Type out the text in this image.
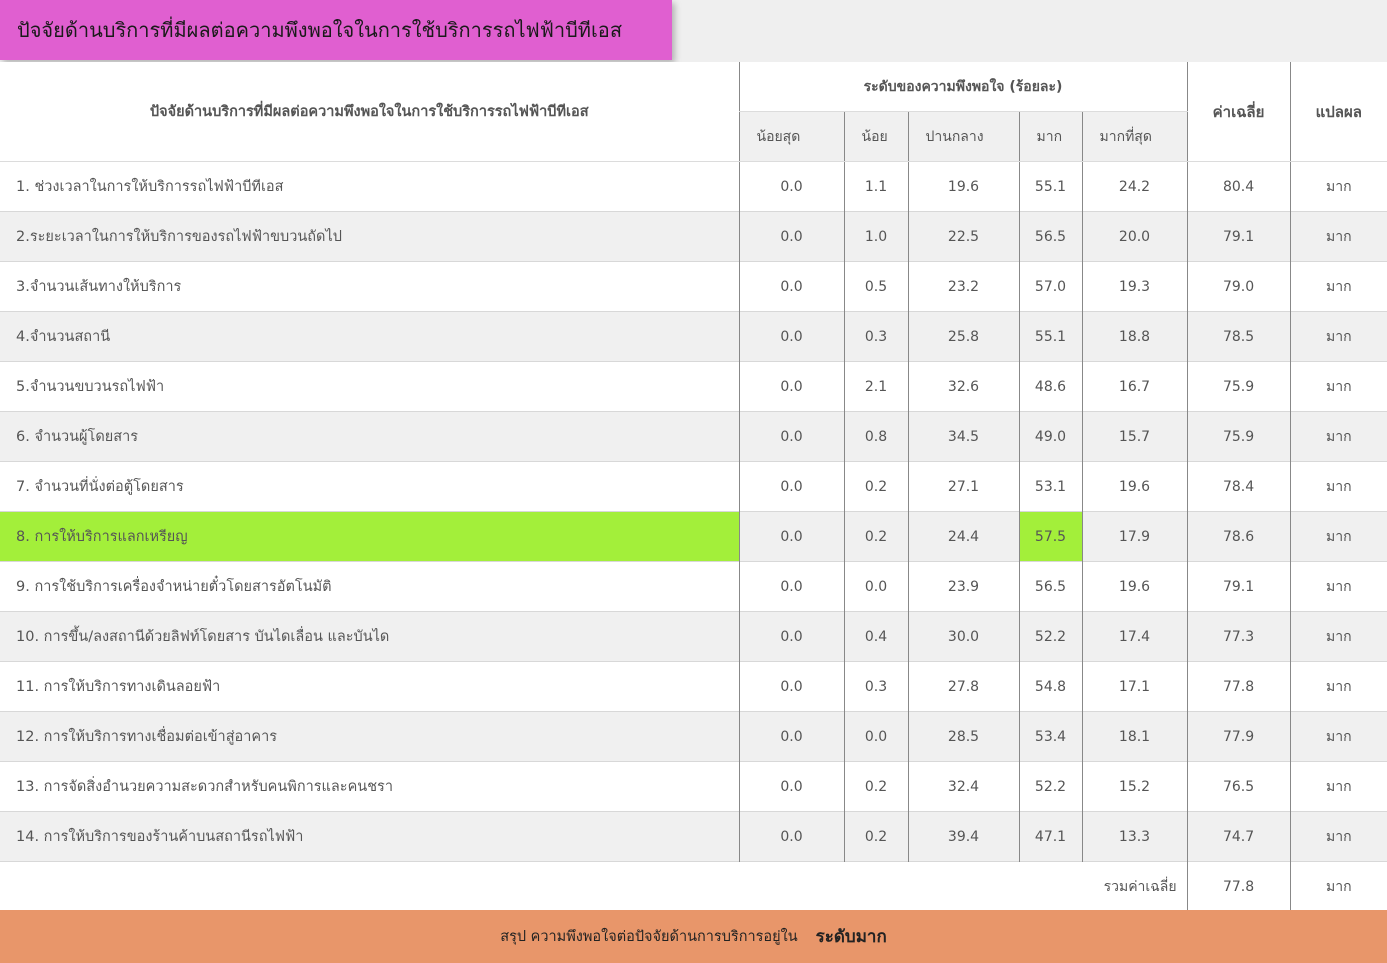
ปัจจัยด้านบริการที่มีผลต่อความพึงพอใจในการใช้บริการรถไฟฟ้าบีทีเอส
ปัจจัยด้านบริการที่มีผลต่อความพึงพอใจในการใช้บริการรถไฟฟ้าบีทีเอส	ระดับของความพึงพอใจ (ร้อยละ)					ค่าเฉลี่ย	แปลผล
	น้อยสุด	น้อย	ปานกลาง	มาก	มากที่สุด		
1. ช่วงเวลาในการให้บริการรถไฟฟ้าบีทีเอส	0.0	1.1	19.6	55.1	24.2	80.4	มาก
2.ระยะเวลาในการให้บริการของรถไฟฟ้าขบวนถัดไป	0.0	1.0	22.5	56.5	20.0	79.1	มาก
3.จำนวนเส้นทางให้บริการ	0.0	0.5	23.2	57.0	19.3	79.0	มาก
4.จำนวนสถานี	0.0	0.3	25.8	55.1	18.8	78.5	มาก
5.จำนวนขบวนรถไฟฟ้า	0.0	2.1	32.6	48.6	16.7	75.9	มาก
6. จำนวนผู้โดยสาร	0.0	0.8	34.5	49.0	15.7	75.9	มาก
7. จำนวนที่นั่งต่อตู้โดยสาร	0.0	0.2	27.1	53.1	19.6	78.4	มาก
8. การให้บริการแลกเหรียญ	0.0	0.2	24.4	57.5	17.9	78.6	มาก
9. การใช้บริการเครื่องจำหน่ายตั๋วโดยสารอัตโนมัติ	0.0	0.0	23.9	56.5	19.6	79.1	มาก
10. การขึ้น/ลงสถานีด้วยลิฟท์โดยสาร บันไดเลื่อน และบันได	0.0	0.4	30.0	52.2	17.4	77.3	มาก
11. การให้บริการทางเดินลอยฟ้า	0.0	0.3	27.8	54.8	17.1	77.8	มาก
12. การให้บริการทางเชื่อมต่อเข้าสู่อาคาร	0.0	0.0	28.5	53.4	18.1	77.9	มาก
13. การจัดสิ่งอำนวยความสะดวกสำหรับคนพิการและคนชรา	0.0	0.2	32.4	52.2	15.2	76.5	มาก
14. การให้บริการของร้านค้าบนสถานีรถไฟฟ้า	0.0	0.2	39.4	47.1	13.3	74.7	มาก
รวมค่าเฉลี่ย						77.8	มาก
สรุป ความพึงพอใจต่อปัจจัยด้านการบริการอยู่ใน ระดับมาก
